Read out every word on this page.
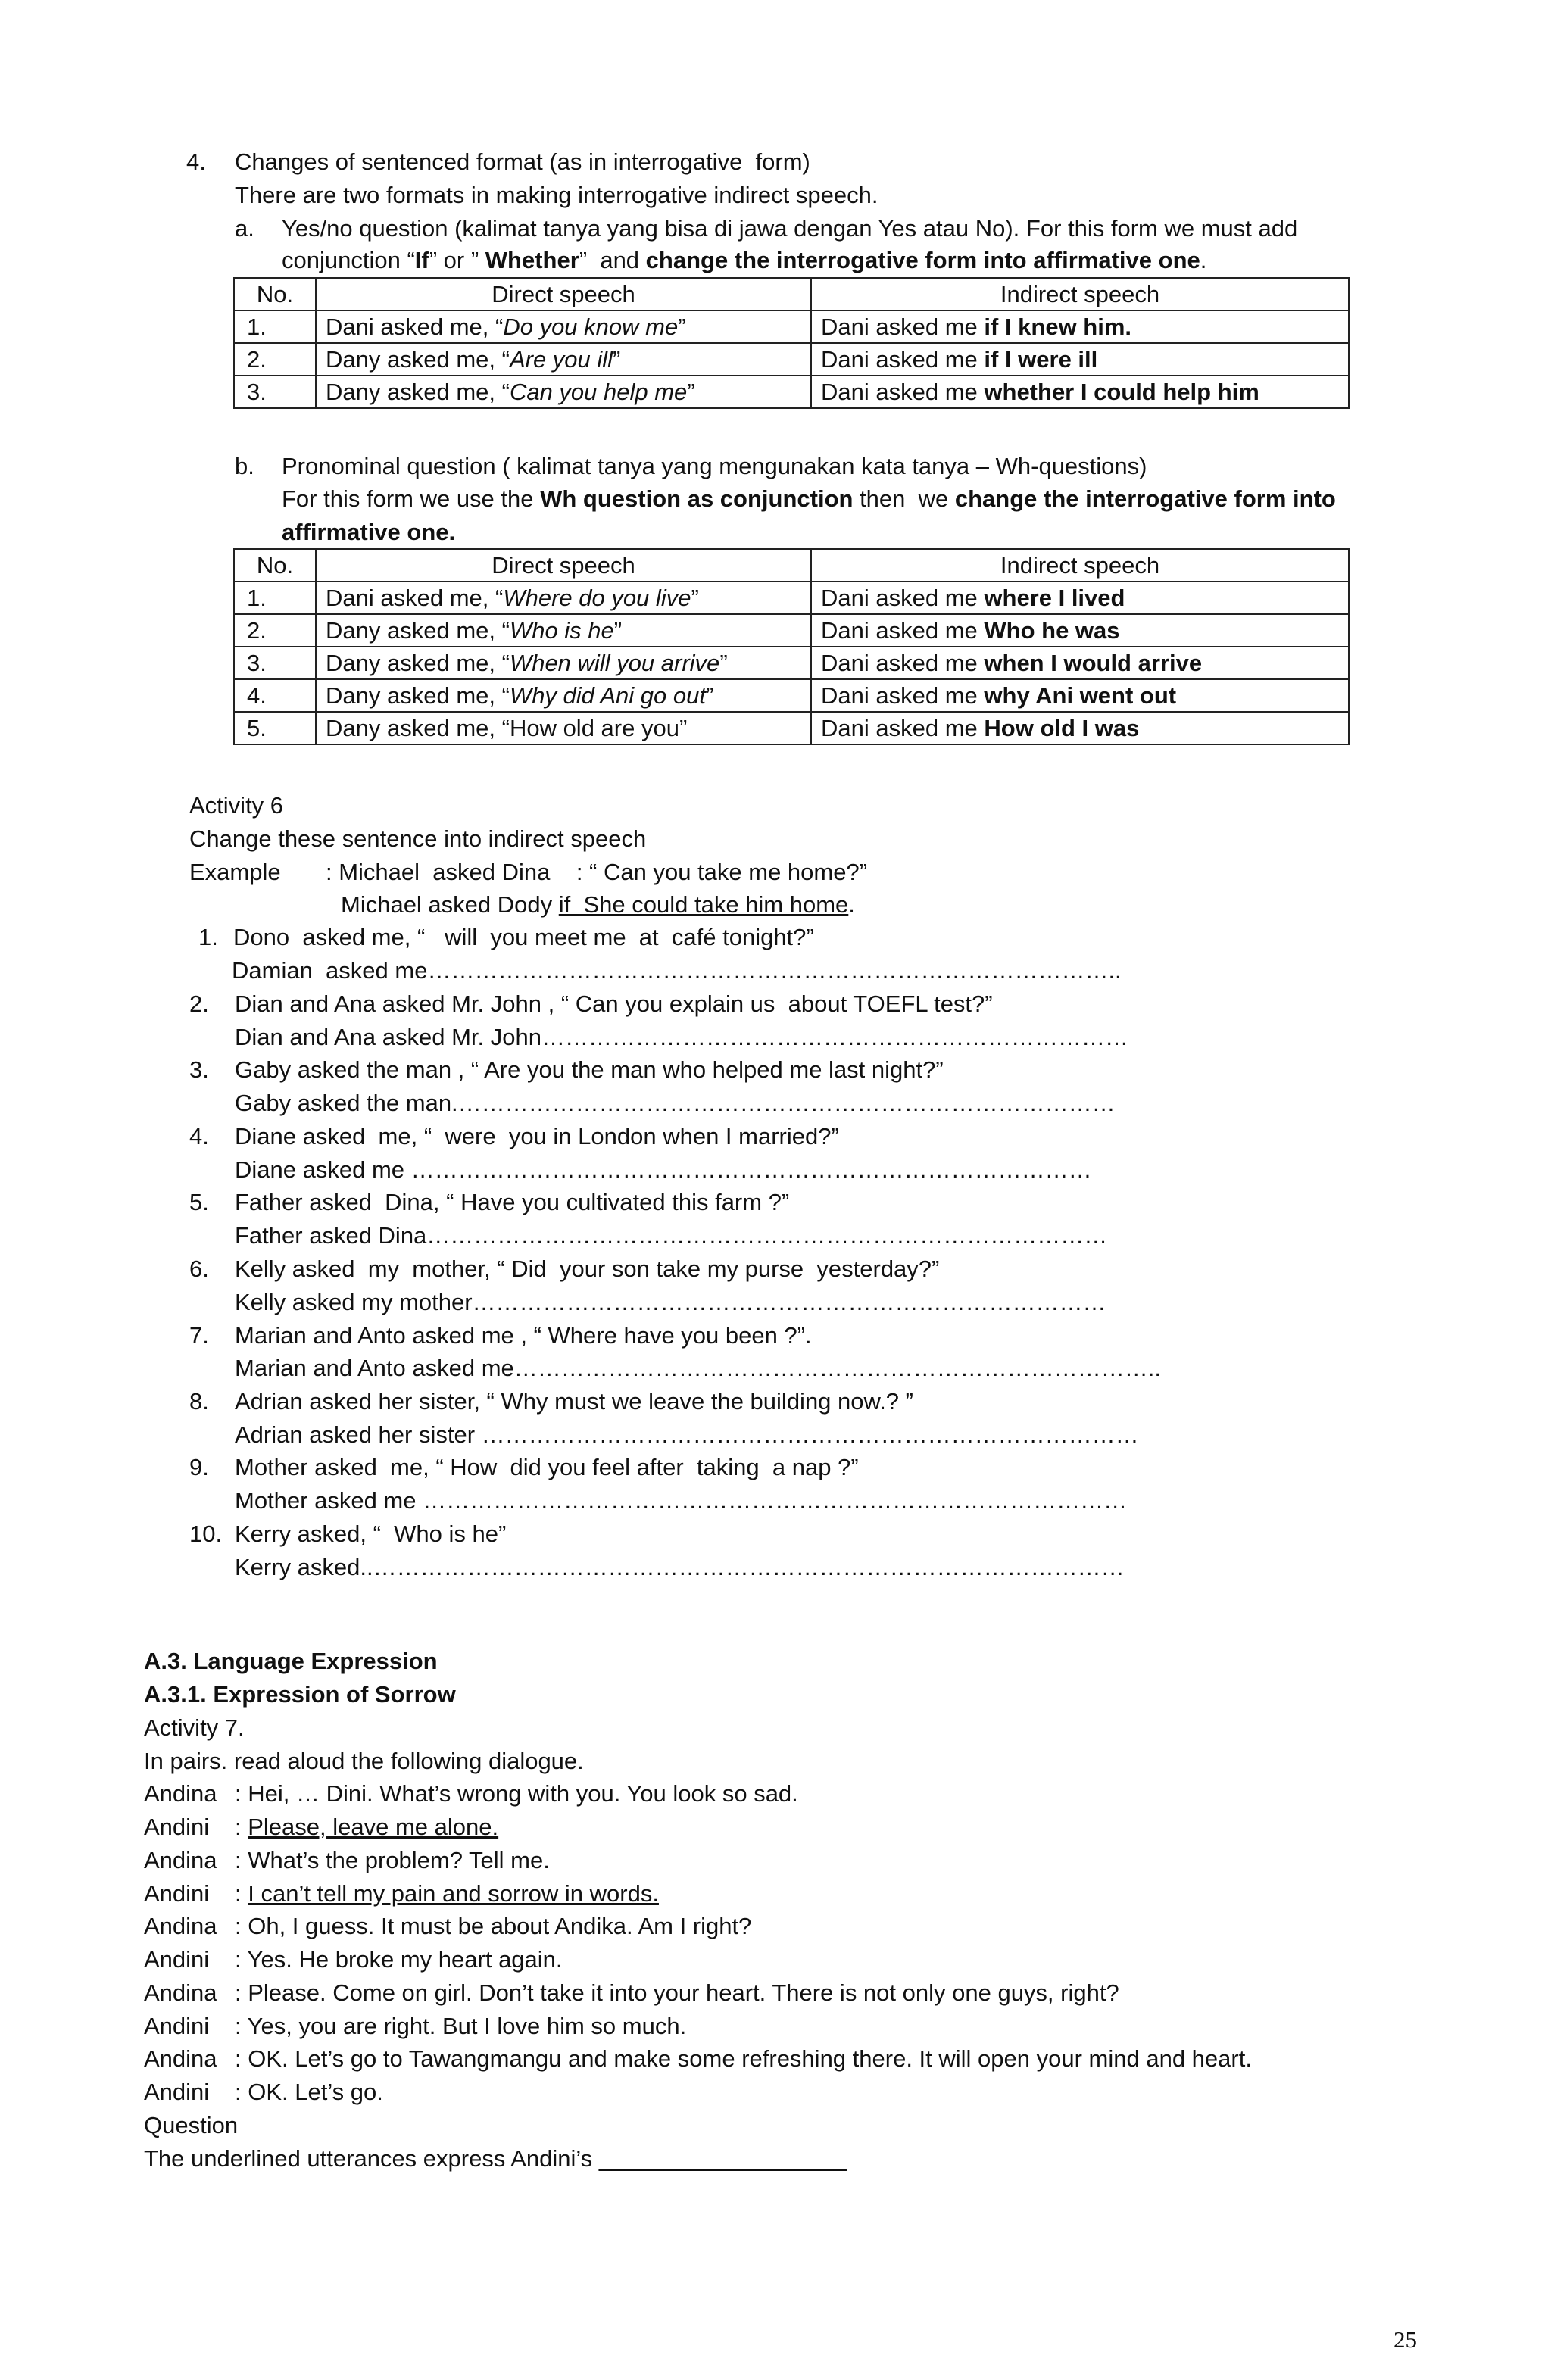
4. Changes of sentenced format (as in interrogative  form)
There are two formats in making interrogative indirect speech.
a. Yes/no question (kalimat tanya yang bisa di jawa dengan Yes atau No). For this form we must add
conjunction “If” or ” Whether”  and change the interrogative form into affirmative one.
No.	Direct speech	Indirect speech
1.	Dani asked me, “Do you know me”	Dani asked me if I knew him.
2.	Dany asked me, “Are you ill”	Dani asked me if I were ill
3.	Dany asked me, “Can you help me”	Dani asked me whether I could help him
b. Pronominal question ( kalimat tanya yang mengunakan kata tanya – Wh-questions)
For this form we use the Wh question as conjunction then  we change the interrogative form into
affirmative one.
No.	Direct speech	Indirect speech
1.	Dani asked me, “Where do you live”	Dani asked me where I lived
2.	Dany asked me, “Who is he”	Dani asked me Who he was
3.	Dany asked me, “When will you arrive”	Dani asked me when I would arrive
4.	Dany asked me, “Why did Ani go out”	Dani asked me why Ani went out
5.	Dany asked me, “How old are you”	Dani asked me How old I was
Activity 6
Change these sentence into indirect speech
Example : Michael  asked Dina    : “ Can you take me home?”
Michael asked Dody if  She could take him home.
1. Dono  asked me, “   will  you meet me  at  café tonight?”
Damian  asked me……………………………………………………………………………..
2. Dian and Ana asked Mr. John , “ Can you explain us  about TOEFL test?”
Dian and Ana asked Mr. John…………………………………………………………………
3. Gaby asked the man , “ Are you the man who helped me last night?”
Gaby asked the man.…………………………………………………………………………
4. Diane asked  me, “  were  you in London when I married?”
Diane asked me ……………………………………………………………………………
5. Father asked  Dina, “ Have you cultivated this farm ?”
Father asked Dina……………………………………………………………………………
6. Kelly asked  my  mother, “ Did  your son take my purse  yesterday?”
Kelly asked my mother………………………………………………………………………
7. Marian and Anto asked me , “ Where have you been ?”.
Marian and Anto asked me………………………………………………………………………..
8. Adrian asked her sister, “ Why must we leave the building now.? ”
Adrian asked her sister …………………………………………………………………………
9. Mother asked  me, “ How  did you feel after  taking  a nap ?”
Mother asked me ………………………………………………………………………………
10. Kerry asked, “  Who is he”
Kerry asked..……………………………………………………………………………………
A.3. Language Expression
A.3.1. Expression of Sorrow
Activity 7.
In pairs. read aloud the following dialogue.
Andina : Hei, … Dini. What’s wrong with you. You look so sad.
Andini : Please, leave me alone.
Andina : What’s the problem? Tell me.
Andini : I can’t tell my pain and sorrow in words.
Andina : Oh, I guess. It must be about Andika. Am I right?
Andini : Yes. He broke my heart again.
Andina : Please. Come on girl. Don’t take it into your heart. There is not only one guys, right?
Andini : Yes, you are right. But I love him so much.
Andina : OK. Let’s go to Tawangmangu and make some refreshing there. It will open your mind and heart.
Andini : OK. Let’s go.
Question
The underlined utterances express Andini’s ___________________
25
